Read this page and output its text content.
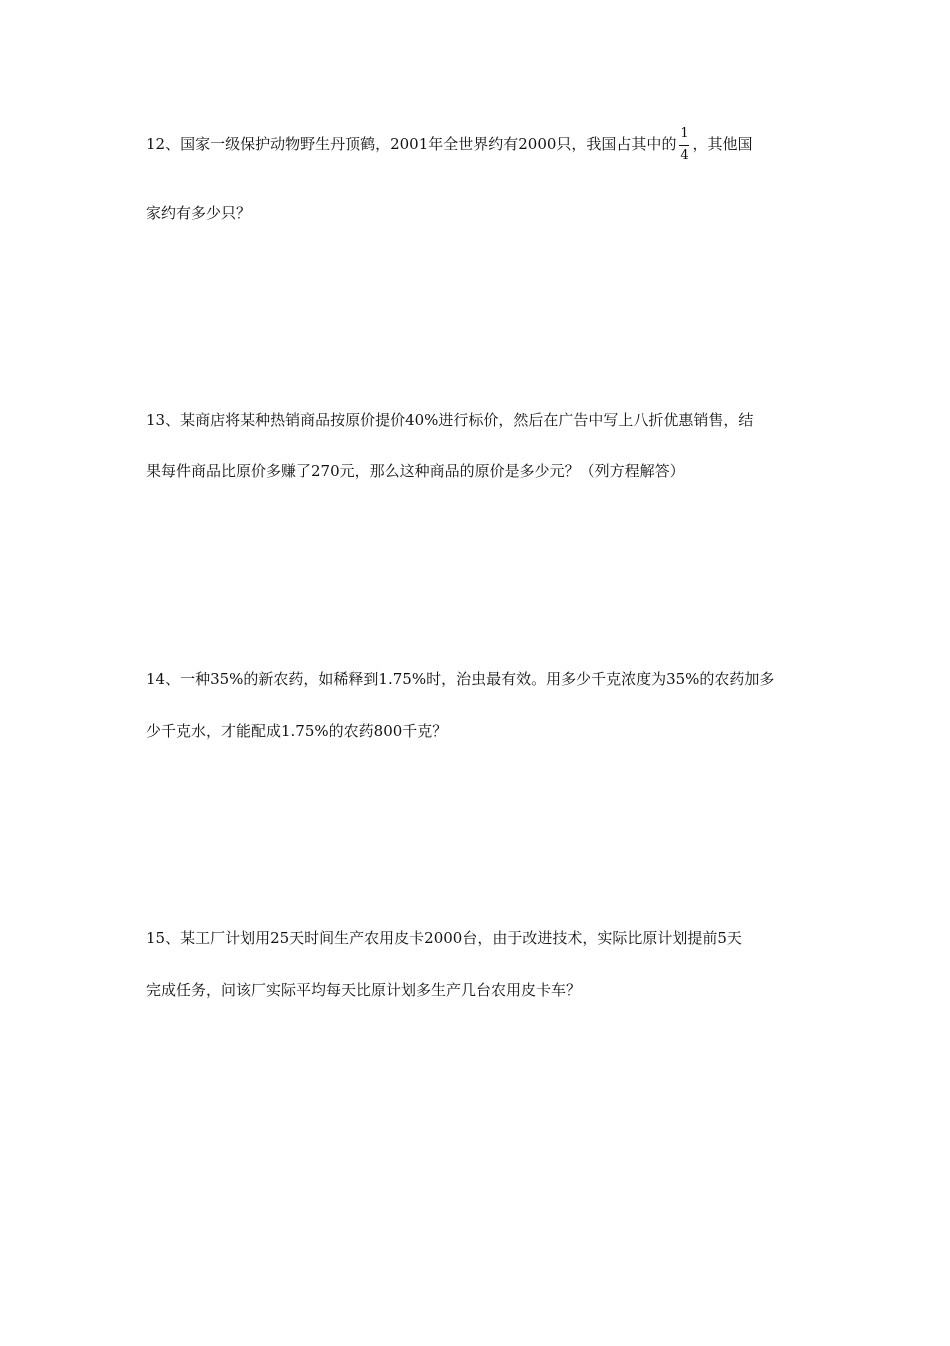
12、国家一级保护动物野生丹顶鹤，2001年全世界约有2000只，我国占其中的 $\frac{1}{4}$ ，其他国
家约有多少只？
13、某商店将某种热销商品按原价提价40%进行标价，然后在广告中写上八折优惠销售，结
果每件商品比原价多赚了270元，那么这种商品的原价是多少元？（列方程解答）
14、一种35%的新农药，如稀释到1.75%时，治虫最有效。用多少千克浓度为35%的农药加多
少千克水，才能配成1.75%的农药800千克？
15、某工厂计划用25天时间生产农用皮卡2000台，由于改进技术，实际比原计划提前5天
完成任务，问该厂实际平均每天比原计划多生产几台农用皮卡车？
